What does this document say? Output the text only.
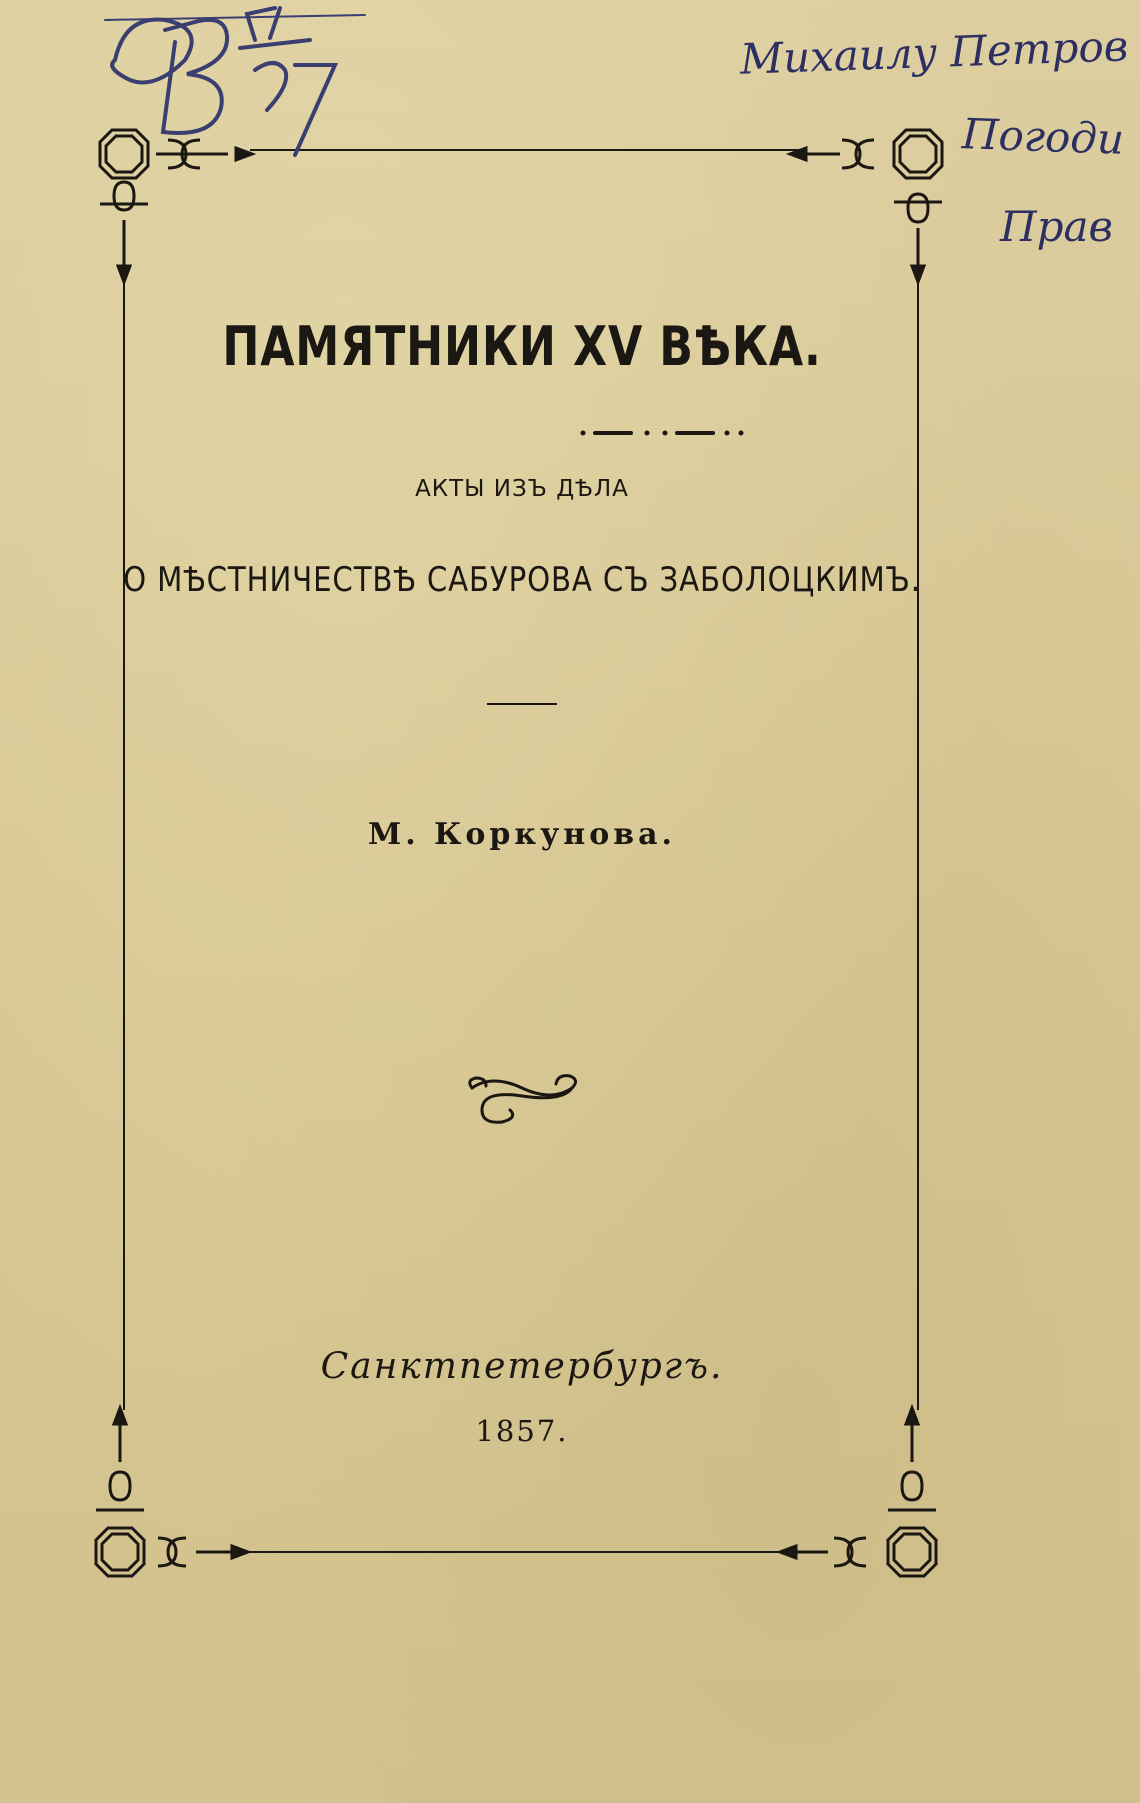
Михаилу Петров
Погоди
Прав
ПАМЯТНИКИ XV ВѢКА.
АКТЫ ИЗЪ ДѢЛА
О МѢСТНИЧЕСТВѢ САБУРОВА СЪ ЗАБОЛОЦКИМЪ.
М. Коркунова.
Санктпетербургъ.
1857.
